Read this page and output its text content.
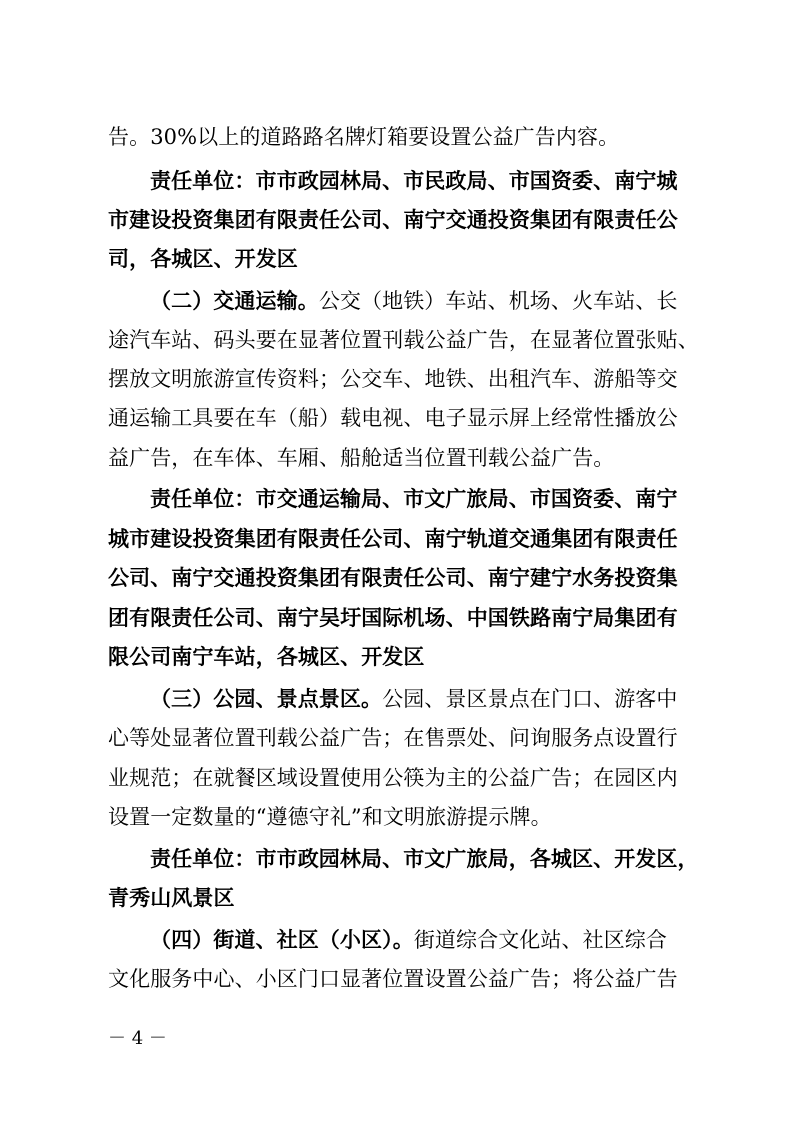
告。30%以上的道路路名牌灯箱要设置公益广告内容。
责任单位：市市政园林局、市民政局、市国资委、南宁城
市建设投资集团有限责任公司、南宁交通投资集团有限责任公
司，各城区、开发区
（二）交通运输。公交（地铁）车站、机场、火车站、长
途汽车站、码头要在显著位置刊载公益广告，在显著位置张贴、
摆放文明旅游宣传资料；公交车、地铁、出租汽车、游船等交
通运输工具要在车（船）载电视、电子显示屏上经常性播放公
益广告，在车体、车厢、船舱适当位置刊载公益广告。
责任单位：市交通运输局、市文广旅局、市国资委、南宁
城市建设投资集团有限责任公司、南宁轨道交通集团有限责任
公司、南宁交通投资集团有限责任公司、南宁建宁水务投资集
团有限责任公司、南宁吴圩国际机场、中国铁路南宁局集团有
限公司南宁车站，各城区、开发区
（三）公园、景点景区。公园、景区景点在门口、游客中
心等处显著位置刊载公益广告；在售票处、问询服务点设置行
业规范；在就餐区域设置使用公筷为主的公益广告；在园区内
设置一定数量的“遵德守礼”和文明旅游提示牌。
责任单位：市市政园林局、市文广旅局，各城区、开发区，
青秀山风景区
（四）街道、社区（小区）。街道综合文化站、社区综合
文化服务中心、小区门口显著位置设置公益广告；将公益广告
－ 4 －
